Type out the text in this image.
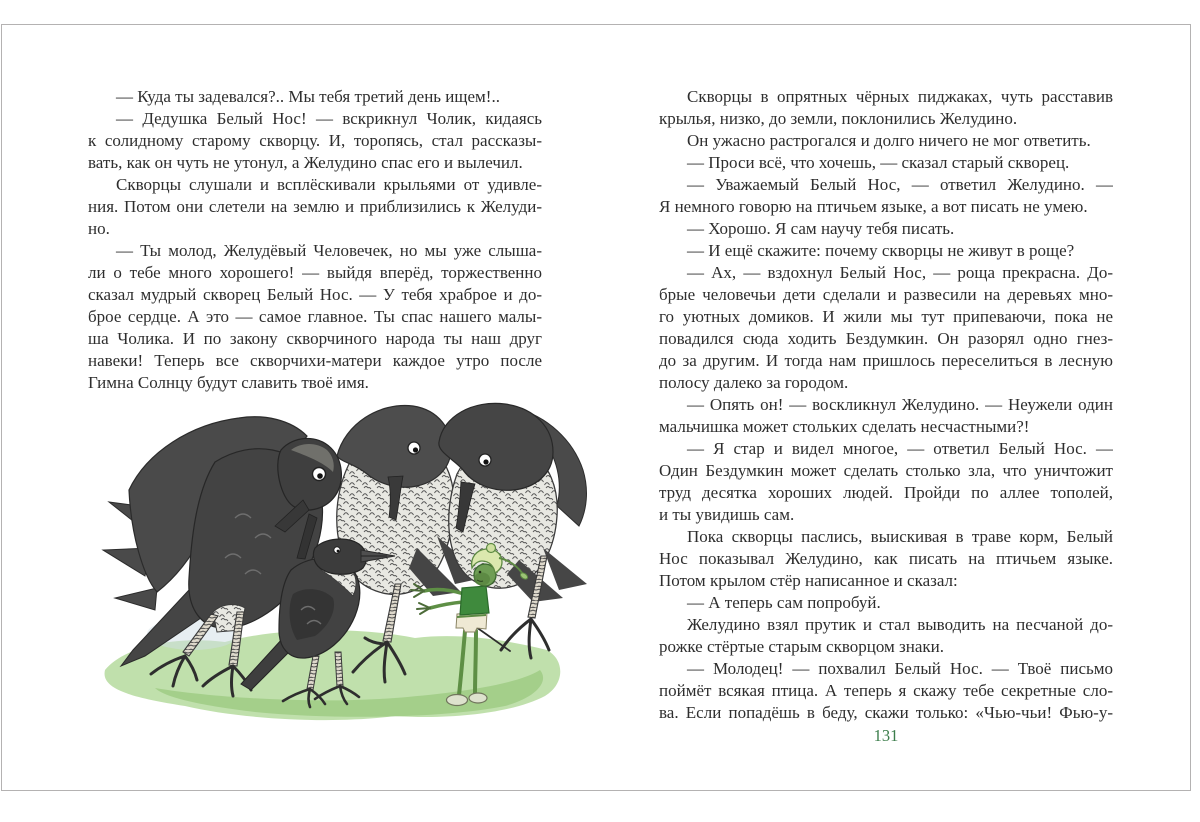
— Куда ты задевался?.. Мы тебя третий день ищем!..
— Дедушка Белый Нос! — вскрикнул Чолик, кидаясь
к солидному старому скворцу. И, торопясь, стал рассказы-
вать, как он чуть не утонул, а Желудино спас его и вылечил.
Скворцы слушали и всплёскивали крыльями от удивле-
ния. Потом они слетели на землю и приблизились к Желуди-
но.
— Ты молод, Желудёвый Человечек, но мы уже слыша-
ли о тебе много хорошего! — выйдя вперёд, торжественно
сказал мудрый скворец Белый Нос. — У тебя храброе и до-
брое сердце. А это — самое главное. Ты спас нашего малы-
ша Чолика. И по закону скворчиного народа ты наш друг
навеки! Теперь все скворчихи-матери каждое утро после
Гимна Солнцу будут славить твоё имя.
Скворцы в опрятных чёрных пиджаках, чуть расставив
крылья, низко, до земли, поклонились Желудино.
Он ужасно растрогался и долго ничего не мог ответить.
— Проси всё, что хочешь, — сказал старый скворец.
— Уважаемый Белый Нос, — ответил Желудино. —
Я немного говорю на птичьем языке, а вот писать не умею.
— Хорошо. Я сам научу тебя писать.
— И ещё скажите: почему скворцы не живут в роще?
— Ах, — вздохнул Белый Нос, — роща прекрасна. До-
брые человечьи дети сделали и развесили на деревьях мно-
го уютных домиков. И жили мы тут припеваючи, пока не
повадился сюда ходить Бездумкин. Он разорял одно гнез-
до за другим. И тогда нам пришлось переселиться в лесную
полосу далеко за городом.
— Опять он! — воскликнул Желудино. — Неужели один
мальчишка может стольких сделать несчастными?!
— Я стар и видел многое, — ответил Белый Нос. —
Один Бездумкин может сделать столько зла, что уничтожит
труд десятка хороших людей. Пройди по аллее тополей,
и ты увидишь сам.
Пока скворцы паслись, выискивая в траве корм, Белый
Нос показывал Желудино, как писать на птичьем языке.
Потом крылом стёр написанное и сказал:
— А теперь сам попробуй.
Желудино взял прутик и стал выводить на песчаной до-
рожке стёртые старым скворцом знаки.
— Молодец! — похвалил Белый Нос. — Твоё письмо
поймёт всякая птица. А теперь я скажу тебе секретные сло-
ва. Если попадёшь в беду, скажи только: «Чью-чьи! Фью-у-
131
